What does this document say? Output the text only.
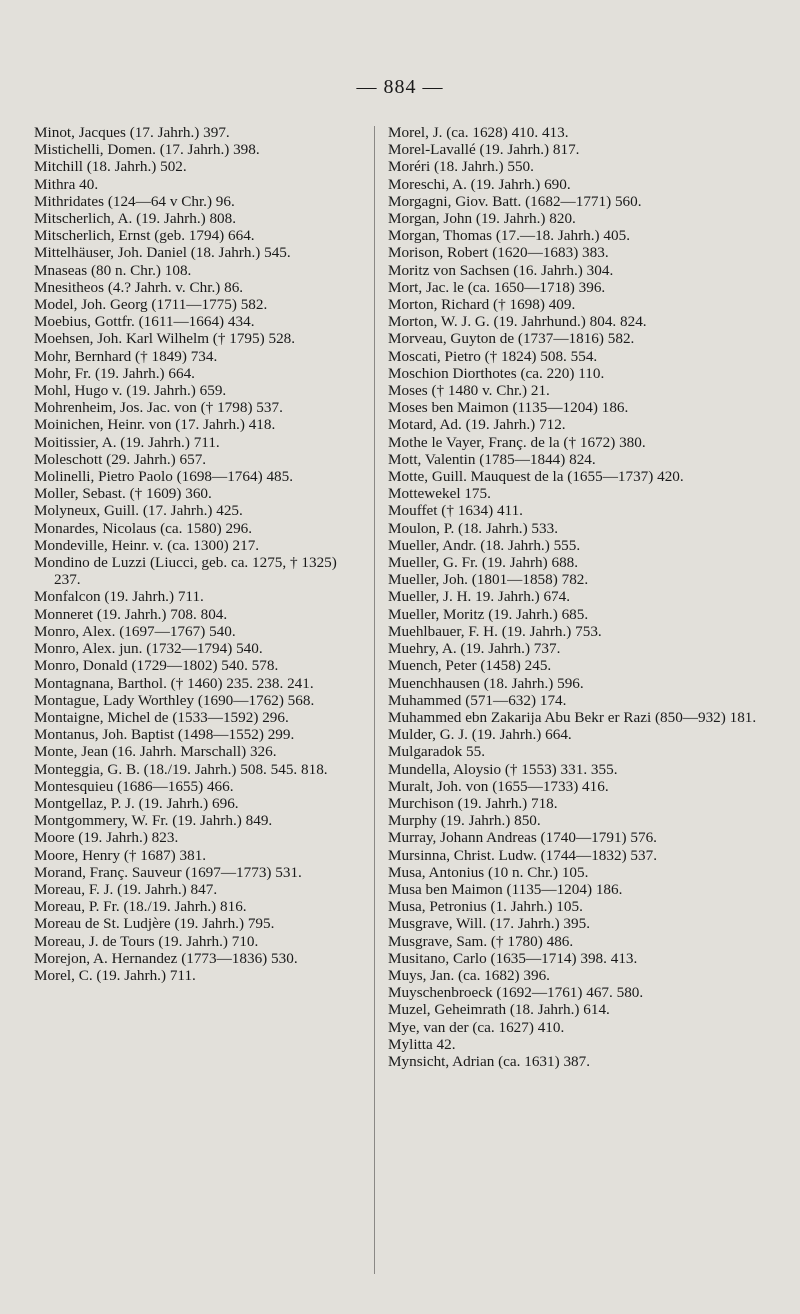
— 884 —
Minot, Jacques (17. Jahrh.) 397.
Mistichelli, Domen. (17. Jahrh.) 398.
Mitchill (18. Jahrh.) 502.
Mithra 40.
Mithridates (124—64 v Chr.) 96.
Mitscherlich, A. (19. Jahrh.) 808.
Mitscherlich, Ernst (geb. 1794) 664.
Mittelhäuser, Joh. Daniel (18. Jahrh.) 545.
Mnaseas (80 n. Chr.) 108.
Mnesitheos (4.? Jahrh. v. Chr.) 86.
Model, Joh. Georg (1711—1775) 582.
Moebius, Gottfr. (1611—1664) 434.
Moehsen, Joh. Karl Wilhelm († 1795) 528.
Mohr, Bernhard († 1849) 734.
Mohr, Fr. (19. Jahrh.) 664.
Mohl, Hugo v. (19. Jahrh.) 659.
Mohrenheim, Jos. Jac. von († 1798) 537.
Moinichen, Heinr. von (17. Jahrh.) 418.
Moitissier, A. (19. Jahrh.) 711.
Moleschott (29. Jahrh.) 657.
Molinelli, Pietro Paolo (1698—1764) 485.
Moller, Sebast. († 1609) 360.
Molyneux, Guill. (17. Jahrh.) 425.
Monardes, Nicolaus (ca. 1580) 296.
Mondeville, Heinr. v. (ca. 1300) 217.
Mondino de Luzzi (Liucci, geb. ca. 1275, † 1325) 237.
Monfalcon (19. Jahrh.) 711.
Monneret (19. Jahrh.) 708. 804.
Monro, Alex. (1697—1767) 540.
Monro, Alex. jun. (1732—1794) 540.
Monro, Donald (1729—1802) 540. 578.
Montagnana, Barthol. († 1460) 235. 238. 241.
Montague, Lady Worthley (1690—1762) 568.
Montaigne, Michel de (1533—1592) 296.
Montanus, Joh. Baptist (1498—1552) 299.
Monte, Jean (16. Jahrh. Marschall) 326.
Monteggia, G. B. (18./19. Jahrh.) 508. 545. 818.
Montesquieu (1686—1655) 466.
Montgellaz, P. J. (19. Jahrh.) 696.
Montgommery, W. Fr. (19. Jahrh.) 849.
Moore (19. Jahrh.) 823.
Moore, Henry († 1687) 381.
Morand, Franç. Sauveur (1697—1773) 531.
Moreau, F. J. (19. Jahrh.) 847.
Moreau, P. Fr. (18./19. Jahrh.) 816.
Moreau de St. Ludjère (19. Jahrh.) 795.
Moreau, J. de Tours (19. Jahrh.) 710.
Morejon, A. Hernandez (1773—1836) 530.
Morel, C. (19. Jahrh.) 711.
Morel, J. (ca. 1628) 410. 413.
Morel-Lavallé (19. Jahrh.) 817.
Moréri (18. Jahrh.) 550.
Moreschi, A. (19. Jahrh.) 690.
Morgagni, Giov. Batt. (1682—1771) 560.
Morgan, John (19. Jahrh.) 820.
Morgan, Thomas (17.—18. Jahrh.) 405.
Morison, Robert (1620—1683) 383.
Moritz von Sachsen (16. Jahrh.) 304.
Mort, Jac. le (ca. 1650—1718) 396.
Morton, Richard († 1698) 409.
Morton, W. J. G. (19. Jahrhund.) 804. 824.
Morveau, Guyton de (1737—1816) 582.
Moscati, Pietro († 1824) 508. 554.
Moschion Diorthotes (ca. 220) 110.
Moses († 1480 v. Chr.) 21.
Moses ben Maimon (1135—1204) 186.
Motard, Ad. (19. Jahrh.) 712.
Mothe le Vayer, Franç. de la († 1672) 380.
Mott, Valentin (1785—1844) 824.
Motte, Guill. Mauquest de la (1655—1737) 420.
Mottewekel 175.
Mouffet († 1634) 411.
Moulon, P. (18. Jahrh.) 533.
Mueller, Andr. (18. Jahrh.) 555.
Mueller, G. Fr. (19. Jahrh) 688.
Mueller, Joh. (1801—1858) 782.
Mueller, J. H. 19. Jahrh.) 674.
Mueller, Moritz (19. Jahrh.) 685.
Muehlbauer, F. H. (19. Jahrh.) 753.
Muehry, A. (19. Jahrh.) 737.
Muench, Peter (1458) 245.
Muenchhausen (18. Jahrh.) 596.
Muhammed (571—632) 174.
Muhammed ebn Zakarija Abu Bekr er Razi (850—932) 181.
Mulder, G. J. (19. Jahrh.) 664.
Mulgaradok 55.
Mundella, Aloysio († 1553) 331. 355.
Muralt, Joh. von (1655—1733) 416.
Murchison (19. Jahrh.) 718.
Murphy (19. Jahrh.) 850.
Murray, Johann Andreas (1740—1791) 576.
Mursinna, Christ. Ludw. (1744—1832) 537.
Musa, Antonius (10 n. Chr.) 105.
Musa ben Maimon (1135—1204) 186.
Musa, Petronius (1. Jahrh.) 105.
Musgrave, Will. (17. Jahrh.) 395.
Musgrave, Sam. († 1780) 486.
Musitano, Carlo (1635—1714) 398. 413.
Muys, Jan. (ca. 1682) 396.
Muyschenbroeck (1692—1761) 467. 580.
Muzel, Geheimrath (18. Jahrh.) 614.
Mye, van der (ca. 1627) 410.
Mylitta 42.
Mynsicht, Adrian (ca. 1631) 387.
